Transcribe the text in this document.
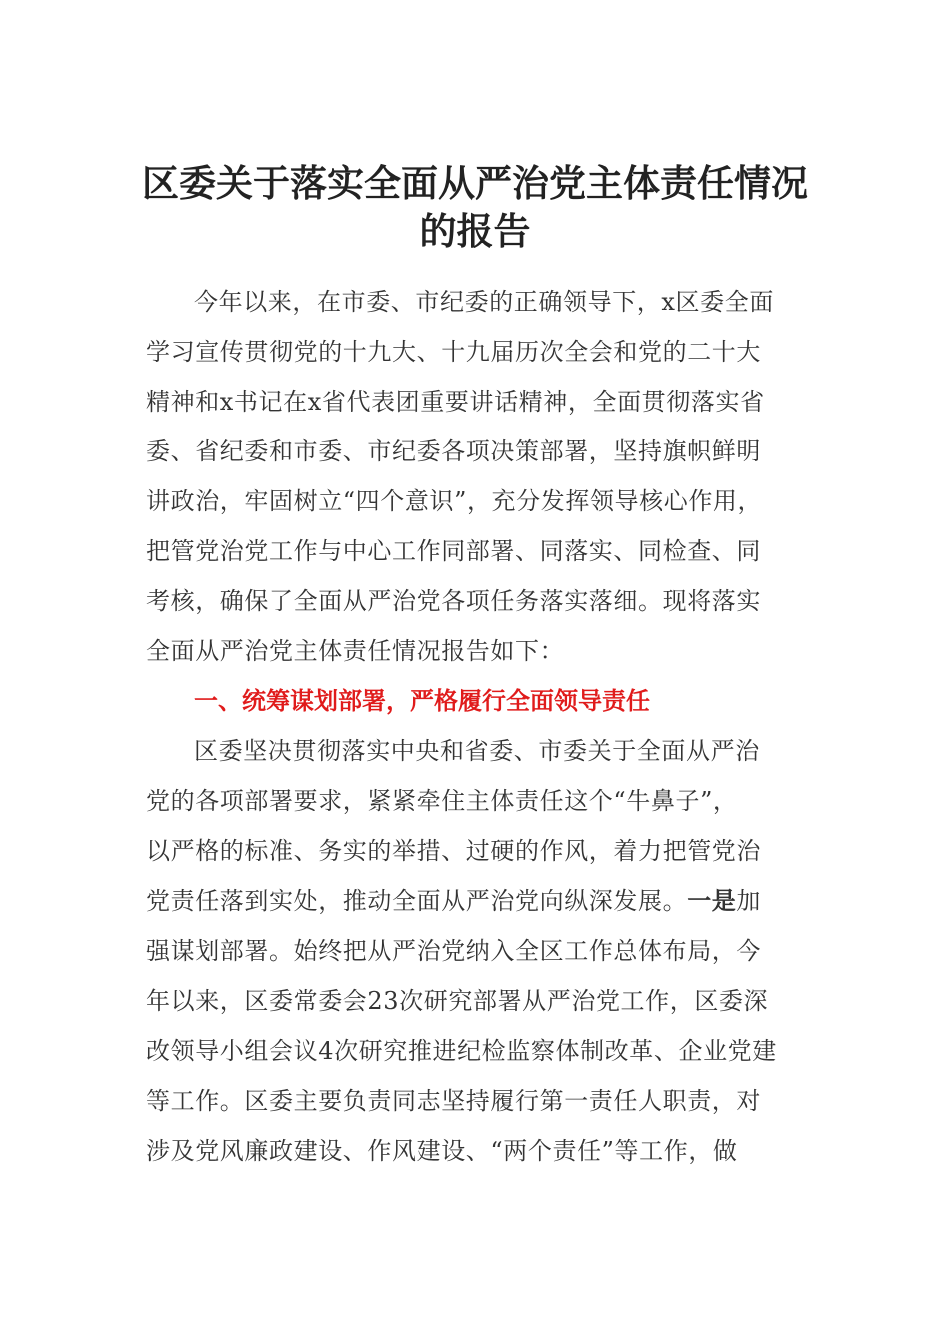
区委关于落实全面从严治党主体责任情况
的报告
今年以来，在市委、市纪委的正确领导下，x区委全面
学习宣传贯彻党的十九大、十九届历次全会和党的二十大
精神和x书记在x省代表团重要讲话精神，全面贯彻落实省
委、省纪委和市委、市纪委各项决策部署，坚持旗帜鲜明
讲政治，牢固树立“四个意识”，充分发挥领导核心作用，
把管党治党工作与中心工作同部署、同落实、同检查、同
考核，确保了全面从严治党各项任务落实落细。现将落实
全面从严治党主体责任情况报告如下：
一、统筹谋划部署，严格履行全面领导责任
区委坚决贯彻落实中央和省委、市委关于全面从严治
党的各项部署要求，紧紧牵住主体责任这个“牛鼻子”，
以严格的标准、务实的举措、过硬的作风，着力把管党治
党责任落到实处，推动全面从严治党向纵深发展。一是加
强谋划部署。始终把从严治党纳入全区工作总体布局，今
年以来，区委常委会23次研究部署从严治党工作，区委深
改领导小组会议4次研究推进纪检监察体制改革、企业党建
等工作。区委主要负责同志坚持履行第一责任人职责，对
涉及党风廉政建设、作风建设、“两个责任”等工作，做
